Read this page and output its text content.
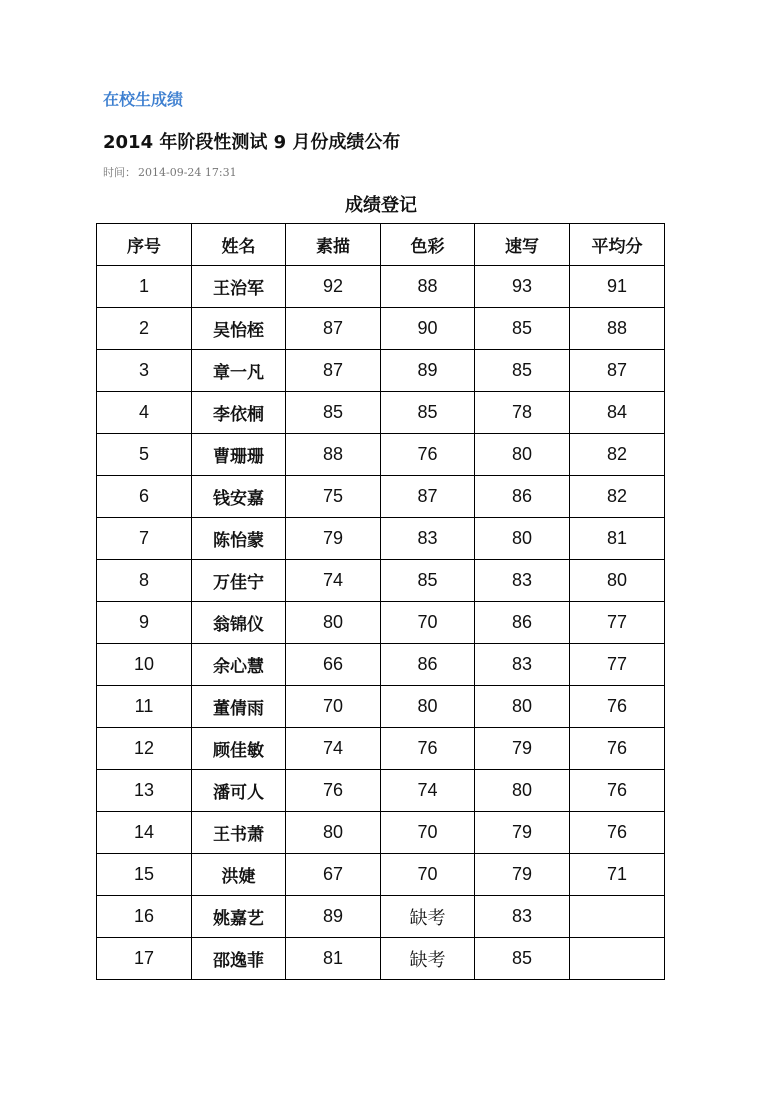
在校生成绩
2014 年阶段性测试 9 月份成绩公布
时间： 2014-09-24 17:31
成绩登记
序号	姓名	素描	色彩	速写	平均分
1	王治军	92	88	93	91
2	吴怡桎	87	90	85	88
3	章一凡	87	89	85	87
4	李依桐	85	85	78	84
5	曹珊珊	88	76	80	82
6	钱安嘉	75	87	86	82
7	陈怡蒙	79	83	80	81
8	万佳宁	74	85	83	80
9	翁锦仪	80	70	86	77
10	余心慧	66	86	83	77
11	董倩雨	70	80	80	76
12	顾佳敏	74	76	79	76
13	潘可人	76	74	80	76
14	王书萧	80	70	79	76
15	洪婕	67	70	79	71
16	姚嘉艺	89	缺考	83	
17	邵逸菲	81	缺考	85	
